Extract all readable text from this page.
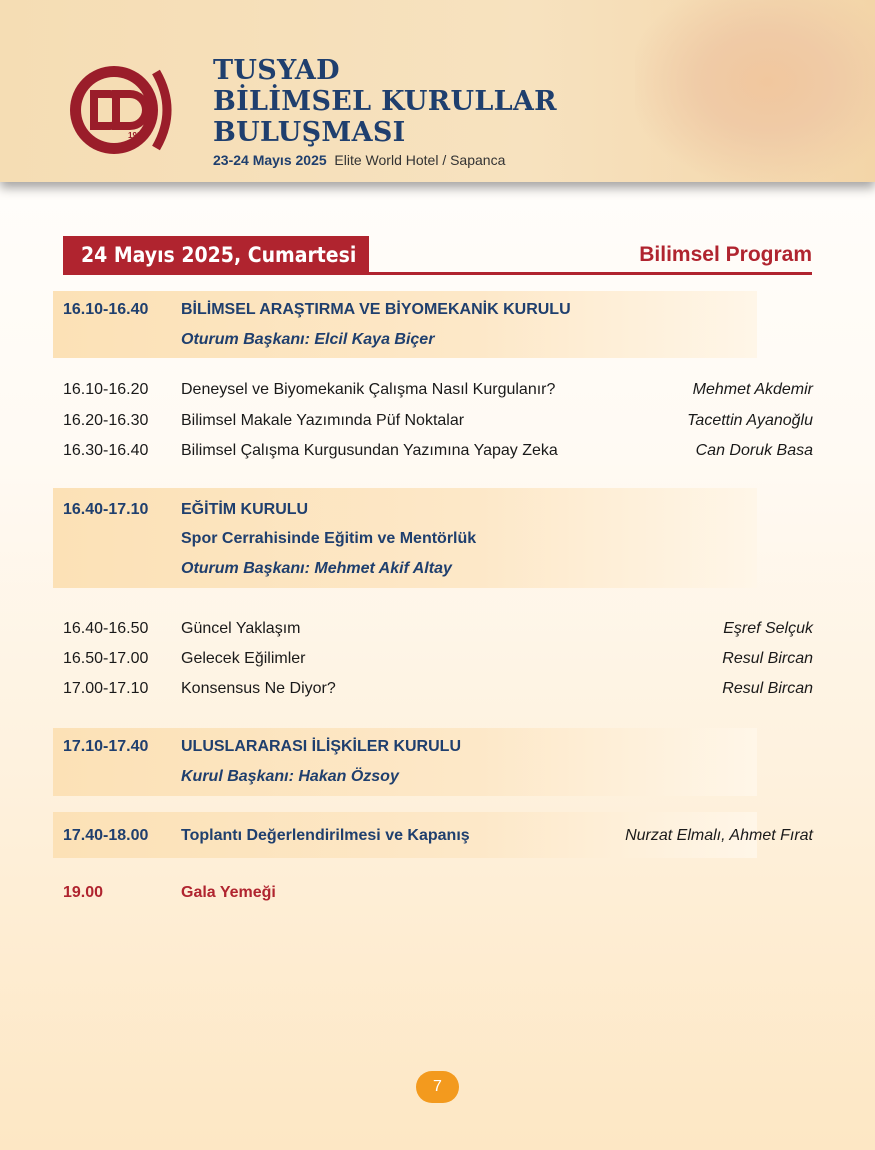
1997
TUSYAD
BİLİMSEL KURULLAR
BULUŞMASI
23-24 Mayıs 2025 Elite World Hotel / Sapanca
24 Mayıs 2025, Cumartesi	Bilimsel Program
16.10-16.40 BİLİMSEL ARAŞTIRMA VE BİYOMEKANİK KURULU
Oturum Başkanı: Elcil Kaya Biçer
16.10-16.20 Deneysel ve Biyomekanik Çalışma Nasıl Kurgulanır?	Mehmet Akdemir
16.20-16.30 Bilimsel Makale Yazımında Püf Noktalar	Tacettin Ayanoğlu
16.30-16.40 Bilimsel Çalışma Kurgusundan Yazımına Yapay Zeka	Can Doruk Basa
16.40-17.10 EĞİTİM KURULU
Spor Cerrahisinde Eğitim ve Mentörlük
Oturum Başkanı: Mehmet Akif Altay
16.40-16.50 Güncel Yaklaşım	Eşref Selçuk
16.50-17.00 Gelecek Eğilimler	Resul Bircan
17.00-17.10 Konsensus Ne Diyor?	Resul Bircan
17.10-17.40 ULUSLARARASI İLİŞKİLER KURULU
Kurul Başkanı: Hakan Özsoy
17.40-18.00 Toplantı Değerlendirilmesi ve Kapanış	Nurzat Elmalı, Ahmet Fırat
19.00	Gala Yemeği
7
